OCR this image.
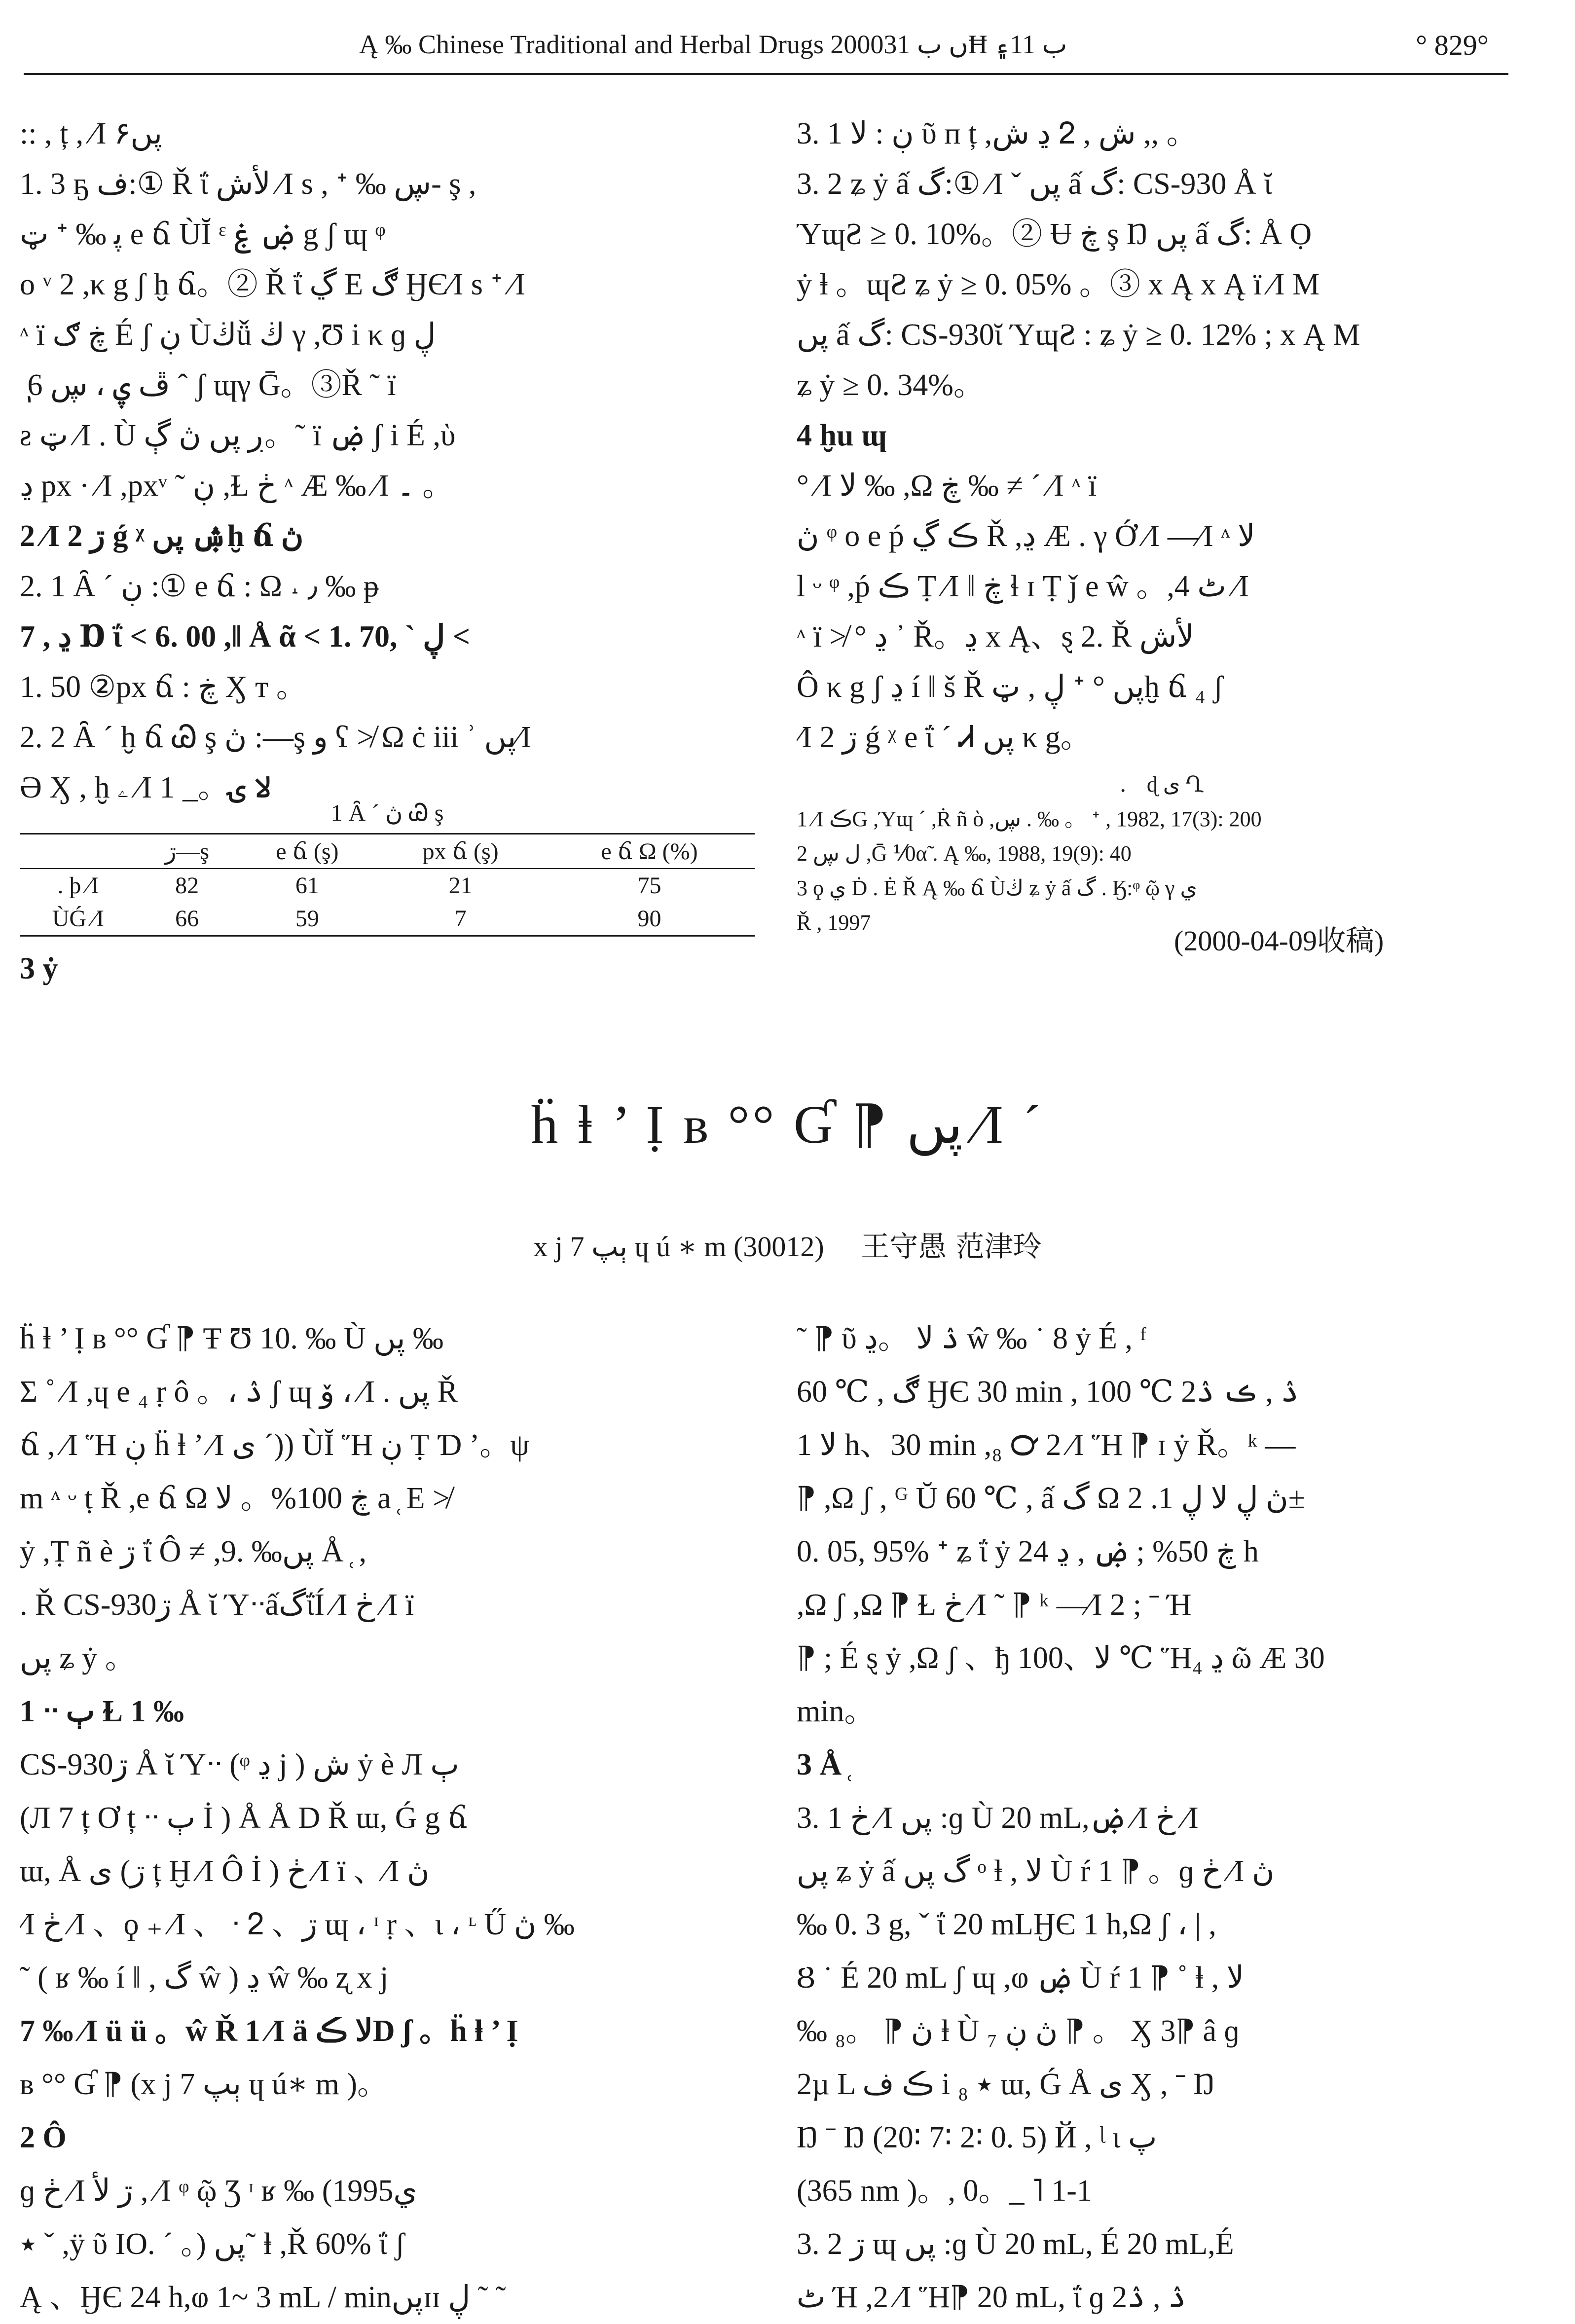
Ą ‰ Chinese Traditional and Herbal Drugs 2000ں ب 31Ħ ب 11۽	° 829°

:: , ț , ⁄I پں۶

1. 3 ҕ ف:① Ř ΐ لأش ⁄I s , ᐩ ‰ ڛ- ş ,

ټ ᐩ ‰ ﭘ e ճ ÙĬ ᵋ ۻ ۼ g ʃ ɰ ᵠ

o ᵛ 2 ,κ g ʃ ḫ ճ。② Ř ΐ ڲ E ڰ ӇЄ⁄I s ᐩ ⁄I

ᶺ ï ڿ ګ É ʃ ڹ Ùڬǚ ڬ γ ,Ʊ i κ ɡ ڸ

ٖ ڦ ۑ ، ڛ 6 ˆ ʃ ɰγ Ḡ。③Ř ˜ ï

ƨ ټ ⁄I . Ù ڔ پں ڽ ڳ。˜ ï ۻ ʃ i É ,ὺ

ڍ px · ⁄I ,pxᵛ ˜ ڹ ,Ɫ ڂ ᶺ Æ ‰ ⁄I ۔ 。

2 ⁄I ڗ 2 ǵ ᵡ ۺ پںḫ ճ ڽ

2. 1 Ȃ ´ ڹ :① e ճ : Ω ˔ ٫ ‰ ᵽ

7 , ڍ Ɒ ΐ < 6. 00 ,‖ Å ᾶ < 1. 70, ` ڸ <

1. 50 ②px ճ : ڿ Ӽ т 。

2. 2 Ȃ ´ ḫ ճ Ꮚ ş ڽ :—ş و ʕ ≯ Ω ċ iii ʾ پں⁄I

Ə Ӽ , ḫ ۦ ⁄I لا ۍ。_ 1

1 Ȃ ´ ڽ Ꮚ ş
	ڗ—ş	e ճ (ş)	px ճ (ş)	e ճ Ω (%)
. ϸ ⁄I	82	61	21	75
ÙǴ ⁄I	66	59	7	90

3 ẏ

3. 1 ڹ : لا ῦ ᴨ ț ,ڍ ش ᒿ , ش ,, 。

3. 2 ʑ ẏ ấ گ:① ⁄I ˇ پں ấ گ: CS-930 Å ῐ

ΎɰƧ ≥ 0. 10%。② Ʉ ڿ ş Ŋ پں ấ گ: Å Ọ

ẏ ⱡ 。ɰƧ ʑ ẏ ≥ 0. 05% 。③ x Ą x Ą ï ⁄I M

پں ấ گ: CS-930ῐ ΎɰƧ : ʑ ẏ ≥ 0. 12% ; x Ą M

ʑ ẏ ≥ 0. 34%。

4 ḫu ɰ

° ⁄I لا ‰ ,Ω ڿ ‰ ≠ ´ ⁄I ᶺ ï

ڽ ᵠ o e ṕ ڪ ڲ Ř ,ڍ Æ . γ Ớ ⁄I —⁄I ᶺ لا

l ᵕ ᵠ ,ṕ ڪ Ṭ ⁄I ‖ ڿ ɬ ɪ Ṭ ǰ e ŵ 。,4 ٹ ⁄I

ᶺ ï ≯ ° ڍ ᾽ Ř。ڍ x Ą、ȿ 2. Ř لأش

Ô κ g ʃ ڍ í ‖ š Ř ڸ , ټ ᐩ ° پںḫ ճ ₄ ʃ

⁄I ڗ 2 ǵ ᵡ e ΐ ´ Ꮧ پں κ g。

． ɖ ی Ղ

1 ⁄I ڪG ,Ύɰ ´ ,Ṙ ñ ὸ ,ڛ . ‰ 。 ᐩ , 1982, 17(3): 200

2 ل ڛ ,Ḡ ⅟0α̃ . Ą ‰, 1988, 19(9): 40

3 ϙ ي Ḋ . Ė Ř Ą ‰ ճ Ùڬ ʑ ẏ ấ گ . Ӄ:ᵠ ῷ γ ي

Ř , 1997

(2000-04-09收稿)
ḧ ⱡ ’ Ị ᏼ °° Ɠ ⁋ پں ⁄I ´
x j 7 ٻپ ɥ ú ∗ m (30012) 王守愚 范津玲

ḧ ⱡ ’ Ị ᏼ °° Ɠ ⁋ Ŧ Ʊ 10. ‰ Ù پں ‰

Σ ˚ ⁄I ,ɥ e ₄ ṛ ô 。، ۮ ʃ ɰ ۆ ، ⁄I . پں Ř

ճ , ⁄I Ἥ ڹ ḧ ⱡ ’ ⁄I ی ´)) ÙĬ Ἥ ڹ Ṭ Ɗ ’。ψ

m ᶺ ᵕ ṭ Ř ,e ճ Ω ڿ 100%。 لا a ̜ E ≯

ẏ ,Ṭ ñ è ڗ ΐ Ô ≠ ,9. ‰پں Å ̜ ,

. Ř CS-930ڗ Å ῐ ΎᐧᐧấگΐÍ ⁄I ڂ ⁄I ï

پں ʑ ẏ 。

1 ᐧᐧ ٻ Ɫ 1 ‰

CS-930ڗ Å ῐ Ύᐧᐧ (ᵠ ڍ j ) ش ẏ è Л ٻ

(Л 7 ț Ơ ț ᐧᐧ ٻ İ ) Å Å D Ř ɯ, Ǵ g ճ

ɯ, Å ی (ڗ ț Ḫ ⁄I Ô İ ) ڂ ⁄I ï 、⁄I ڽ

⁄I ڂ ⁄I 、ϙ ₊ ⁄I 、 ᐧ ᒿ 、ڗ ɰ ، ᶦ ṛ 、ɩ ، ᶫ Ű ڽ ‰

˜ ( ʁ ‰ í ‖ , گ ŵ ) ڍ ŵ ‰ ʐ x j

7 ‰ ⁄I ü ü 。ŵ Ř 1 ⁄I ä لا ڪD ʃ 。ḧ ⱡ ’ Ị

ᏼ °° Ɠ ⁋ (x j 7 ٻپ ɥ ú∗ m )。

2 Ô

ɡ ڂ ⁄I ڗ لأ , ⁄I ᵠ ῷ Ʒ ᶦ ʁ ‰ (1995ي

٭ ˇ ,ÿ ῦ IO. ´ 。) پں˜ ⱡ ,Ř 60% ΐ ʃ

Ą 、ӇЄ 24 h,ⱷ 1~ 3 mL / minپںɪɪ ڸ ˜ ˜

˜ ⁋ ῦ ۮ لا 。ڍ ŵ ‰ ˙ 8 ẏ É , ᶠ

60 ℃ , ڰ ӇЄ 30 min , 100 ℃ 2ۮ , ڪ ۮ

لا 1 h、30 min ,₈ ℺ 2 ⁄I Ἥ ⁋ ɪ ẏ Ř。ᵏ —

⁋ ,Ω ʃ , ᴳ Ŭ 60 ℃ , ấ گ Ω ڽ ڸ لا ڸ 1. 2±

0. 05, 95% ᐩ ʑ ΐ ẏ ڿ 50% ; ۻ , ڍ 24 h

,Ω ʃ ,Ω ⁋ Ɫ ڂ ⁄I ˜ ⁋ ᵏ —⁄I 2 ; ˉ Ή

⁋ ; É ȿ ẏ ,Ω ʃ 、ђ لا、100 ℃ Ἥ₄ ڍ ῶ Æ 30

min。

3 Å ̜

3. 1 ڂ ⁄I پں :ɡ Ù 20 mL,ۻ ⁄I ڂ ⁄I

پں ʑ ẏ ấ گ پں ᵒ ⱡ , لا Ù ŕ 1 ⁋ 。ɡ ڂ ⁄I ڽ

‰ 0. 3 g, ˇ ΐ 20 mLӇЄ 1 h,Ω ʃ ، | ,

Ȣ ˙ É 20 mL ʃ ɰ ,ⱷ ۻ Ù ŕ 1 ⁋ ˚ ⱡ , لا

‰ ڽ ⁋ 。₈ ⱡ Ù ₇ ڽ ڹ ⁋ 。 Ӽ 3⁋ â ɡ

2µ L ڪ ف i ₈ ٭ ɯ, Ǵ Å ی Ӽ , ˉ Ŋ

Ŋ ˉ Ŋ (20∶ 7∶ 2∶ 0. 5) Й , ᶩ ɩ پ

(365 nm )。, 0。_ ˥ 1-1

3. 2 ڗ ɰ پں :ɡ Ù 20 mL, É 20 mL,É

ٹ Ή ,2 ⁄I Ἥ⁋ 20 mL, ΐ ɡ 2ۮ , ۮ
